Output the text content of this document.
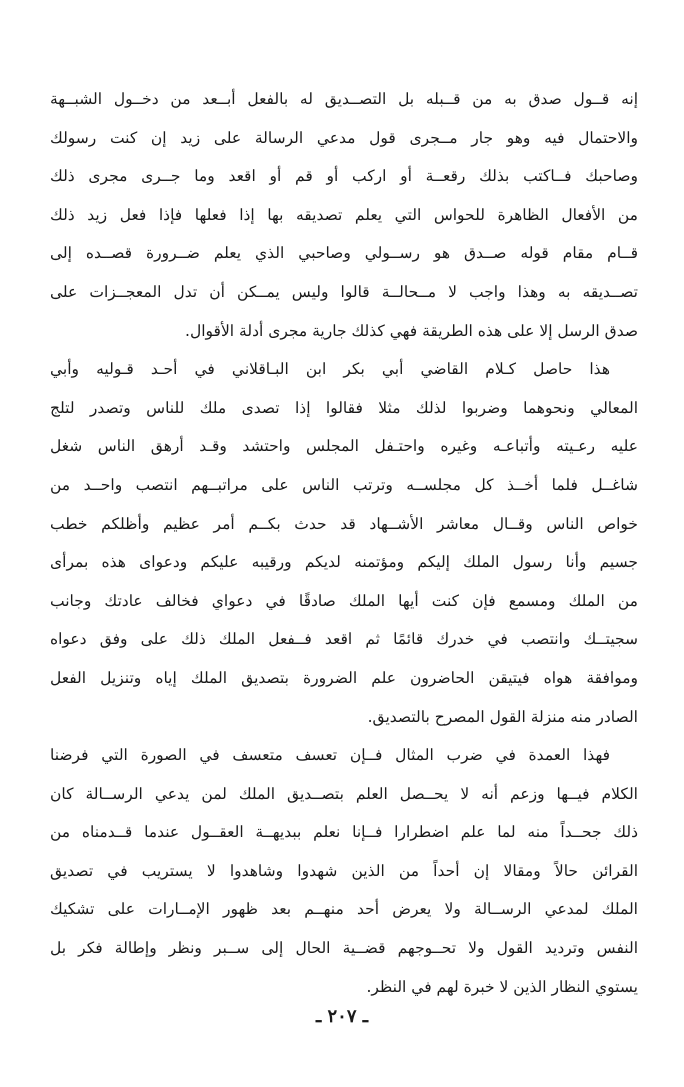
إنه قــول صدق به من قــبله بل التصــديق له بالفعل أبــعد من دخــول الشبــهة
والاحتمال فيه وهو جار مــجرى قول مدعي الرسالة على زيد إن كنت رسولك
وصاحبك فــاكتب بذلك رقعــة أو اركب أو قم أو اقعد وما جــرى مجرى ذلك
من الأفعال الظاهرة للحواس التي يعلم تصديقه بها إذا فعلها فإذا فعل زيد ذلك
قــام مقام قوله صــدق هو رســولي وصاحبي الذي يعلم ضــرورة قصــده إلى
تصــديقه به وهذا واجب لا مــحالــة قالوا وليس يمــكن أن تدل المعجــزات على
صدق الرسل إلا على هذه الطريقة فهي كذلك جارية مجرى أدلة الأقوال.
هذا حاصل كـلام القاضي أبي بكر ابن البـاقلاني في أحـد قـوليه وأبي
المعالي ونحوهما وضربوا لذلك مثلا فقالوا إذا تصدى ملك للناس وتصدر لتلج
عليه رعـيته وأتباعـه وغيره واحتـفل المجلس واحتشد وقـد أرهق الناس شغل
شاغــل فلما أخــذ كل مجلســه وترتب الناس على مراتبــهم انتصب واحــد من
خواص الناس وقــال معاشر الأشــهاد قد حدث بكــم أمر عظيم وأظلكم خطب
جسيم وأنا رسول الملك إليكم ومؤتمنه لديكم ورقيبه عليكم ودعواى هذه بمرأى
من الملك ومسمع فإن كنت أيها الملك صادقًا في دعواي فخالف عادتك وجانب
سجيتــك وانتصب في خدرك قائمًا ثم اقعد فــفعل الملك ذلك على وفق دعواه
وموافقة هواه فيتيقن الحاضرون علم الضرورة بتصديق الملك إياه وتنزيل الفعل
الصادر منه منزلة القول المصرح بالتصديق.
فهذا العمدة في ضرب المثال فــإن تعسف متعسف في الصورة التي فرضنا
الكلام فيــها وزعم أنه لا يحــصل العلم بتصــديق الملك لمن يدعي الرســالة كان
ذلك جحــداً منه لما علم اضطرارا فــإنا نعلم ببديهــة العقــول عندما قــدمناه من
القرائن حالاً ومقالا إن أحداً من الذين شهدوا وشاهدوا لا يستريب في تصديق
الملك لمدعي الرســالة ولا يعرض أحد منهــم بعد ظهور الإمــارات على تشكيك
النفس وترديد القول ولا تحــوجهم قضــية الحال إلى ســبر ونظر وإطالة فكر بل
يستوي النظار الذين لا خبرة لهم في النظر.
ـ ٢٠٧ ـ
